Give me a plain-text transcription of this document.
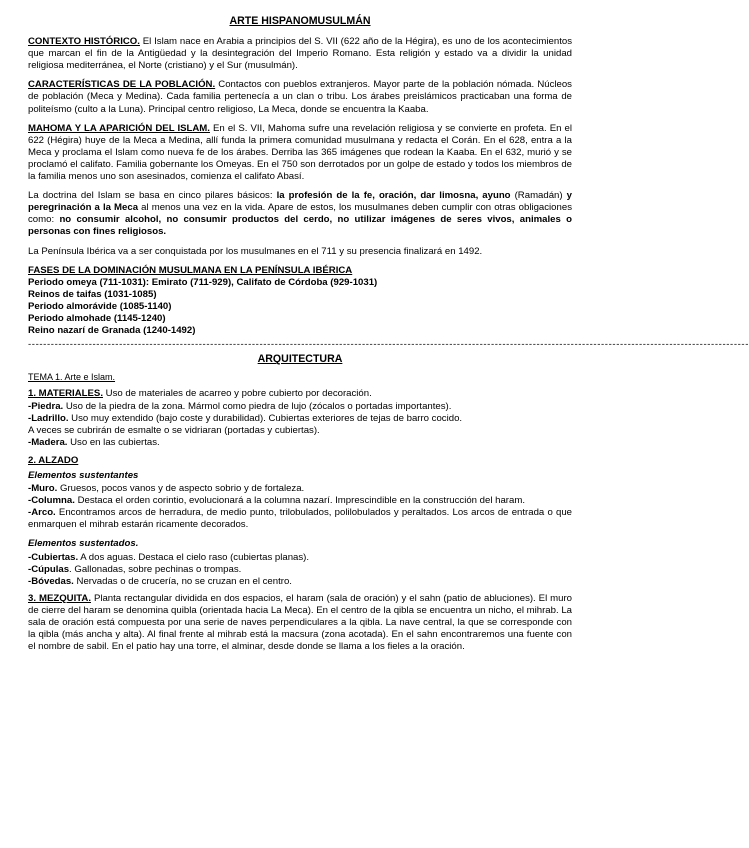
ARTE HISPANOMUSULMÁN

CONTEXTO HISTÓRICO. El Islam nace en Arabia a principios del S. VII (622 año de la Hégira), es uno de los acontecimientos que marcan el fin de la Antigüedad y la desintegración del Imperio Romano. Esta religión y estado va a dividir la unidad religiosa mediterránea, el Norte (cristiano) y el Sur (musulmán).

CARACTERÍSTICAS DE LA POBLACIÓN. Contactos con pueblos extranjeros. Mayor parte de la población nómada. Núcleos de población (Meca y Medina). Cada familia pertenecía a un clan o tribu. Los árabes preislámicos practicaban una forma de politeísmo (culto a la Luna). Principal centro religioso, La Meca, donde se encuentra la Kaaba.

MAHOMA Y LA APARICIÓN DEL ISLAM. En el S. VII, Mahoma sufre una revelación religiosa y se convierte en profeta. En el 622 (Hégira) huye de la Meca a Medina, allí funda la primera comunidad musulmana y redacta el Corán. En el 628, entra a la Meca y proclama el Islam como nueva fe de los árabes. Derriba las 365 imágenes que rodean la Kaaba. En el 632, murió y se proclamó el califato. Familia gobernante los Omeyas. En el 750 son derrotados por un golpe de estado y todos los miembros de la familia menos uno son asesinados, comienza el califato Abasí.

La doctrina del Islam se basa en cinco pilares básicos: la profesión de la fe, oración, dar limosna, ayuno (Ramadán) y peregrinación a la Meca al menos una vez en la vida. Apare de estos, los musulmanes deben cumplir con otras obligaciones como: no consumir alcohol, no consumir productos del cerdo, no utilizar imágenes de seres vivos, animales o personas con fines religiosos.

La Península Ibérica va a ser conquistada por los musulmanes en el 711 y su presencia finalizará en 1492.

FASES DE LA DOMINACIÓN MUSULMANA EN LA PENÍNSULA IBÉRICA
Periodo omeya (711-1031): Emirato (711-929), Califato de Córdoba (929-1031)
Reinos de taifas (1031-1085)
Periodo almorávide (1085-1140)
Periodo almohade (1145-1240)
Reino nazarí de Granada (1240-1492)
----------------------------------------------------------------------------------------------------------------------------------------------------------------------------------------------
ARQUITECTURA
TEMA 1. Arte e Islam.
1. MATERIALES. Uso de materiales de acarreo y pobre cubierto por decoración.
-Piedra. Uso de la piedra de la zona. Mármol como piedra de lujo (zócalos o portadas importantes).
-Ladrillo. Uso muy extendido (bajo coste y durabilidad). Cubiertas exteriores de tejas de barro cocido.
A veces se cubrirán de esmalte o se vidriaran (portadas y cubiertas).
-Madera. Uso en las cubiertas.
2. ALZADO
Elementos sustentantes
-Muro. Gruesos, pocos vanos y de aspecto sobrio y de fortaleza.
-Columna. Destaca el orden corintio, evolucionará a la columna nazarí. Imprescindible en la construcción del haram.
-Arco. Encontramos arcos de herradura, de medio punto, trilobulados, polilobulados y peraltados. Los arcos de entrada o que enmarquen el mihrab estarán ricamente decorados.
Elementos sustentados.
-Cubiertas. A dos aguas. Destaca el cielo raso (cubiertas planas).
-Cúpulas. Gallonadas, sobre pechinas o trompas.
-Bóvedas. Nervadas o de crucería, no se cruzan en el centro.

3. MEZQUITA. Planta rectangular dividida en dos espacios, el haram (sala de oración) y el sahn (patio de abluciones). El muro de cierre del haram se denomina quibla (orientada hacia La Meca). En el centro de la qibla se encuentra un nicho, el mihrab. La sala de oración está compuesta por una serie de naves perpendiculares a la qibla. La nave central, la que se corresponde con la qibla (más ancha y alta). Al final frente al mihrab está la macsura (zona acotada). En el sahn encontraremos una fuente con el nombre de sabil. En el patio hay una torre, el alminar, desde donde se llama a los fieles a la oración.
